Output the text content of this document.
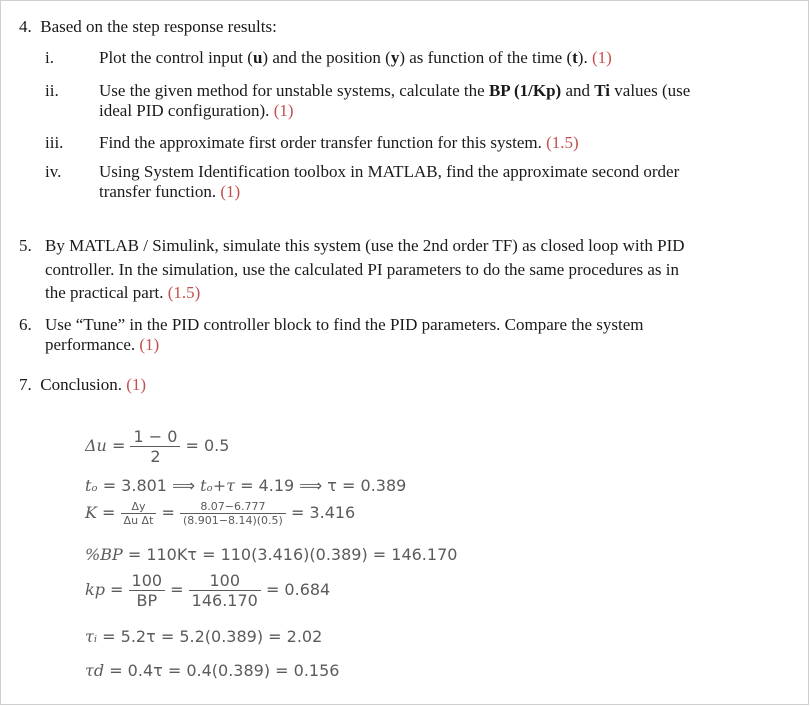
4. Based on the step response results:
i.	Plot the control input (u) and the position (y) as function of the time (t). (1)
ii. Use the given method for unstable systems, calculate the BP (1/Kp) and Ti values (use
ideal PID configuration). (1)
iii. Find the approximate first order transfer function for this system. (1.5)
iv. Using System Identification toolbox in MATLAB, find the approximate second order
transfer function. (1)
5. By MATLAB / Simulink, simulate this system (use the 2nd order TF) as closed loop with PID
controller. In the simulation, use the calculated PI parameters to do the same procedures as in
the practical part. (1.5)
6. Use “Tune” in the PID controller block to find the PID parameters. Compare the system
performance. (1)
7. Conclusion. (1)
$\Delta u = \frac{1 - 0}{2} = 0.5$
tₒ = 3.801 ⟹ tₒ+τ = 4.19 ⟹ τ = 0.389
$K = \frac{\Delta y}{\text{Δu Δt}} = \frac{8.07-6.777}{(8.901-8.14)(0.5)} = 3.416$
%BP = 110Kτ = 110(3.416)(0.389) = 146.170
kp = $\frac{100}{BP} = \frac{100}{146.170} = 0.684$
τᵢ = 5.2τ = 5.2(0.389) = 2.02
τd = 0.4τ = 0.4(0.389) = 0.156
